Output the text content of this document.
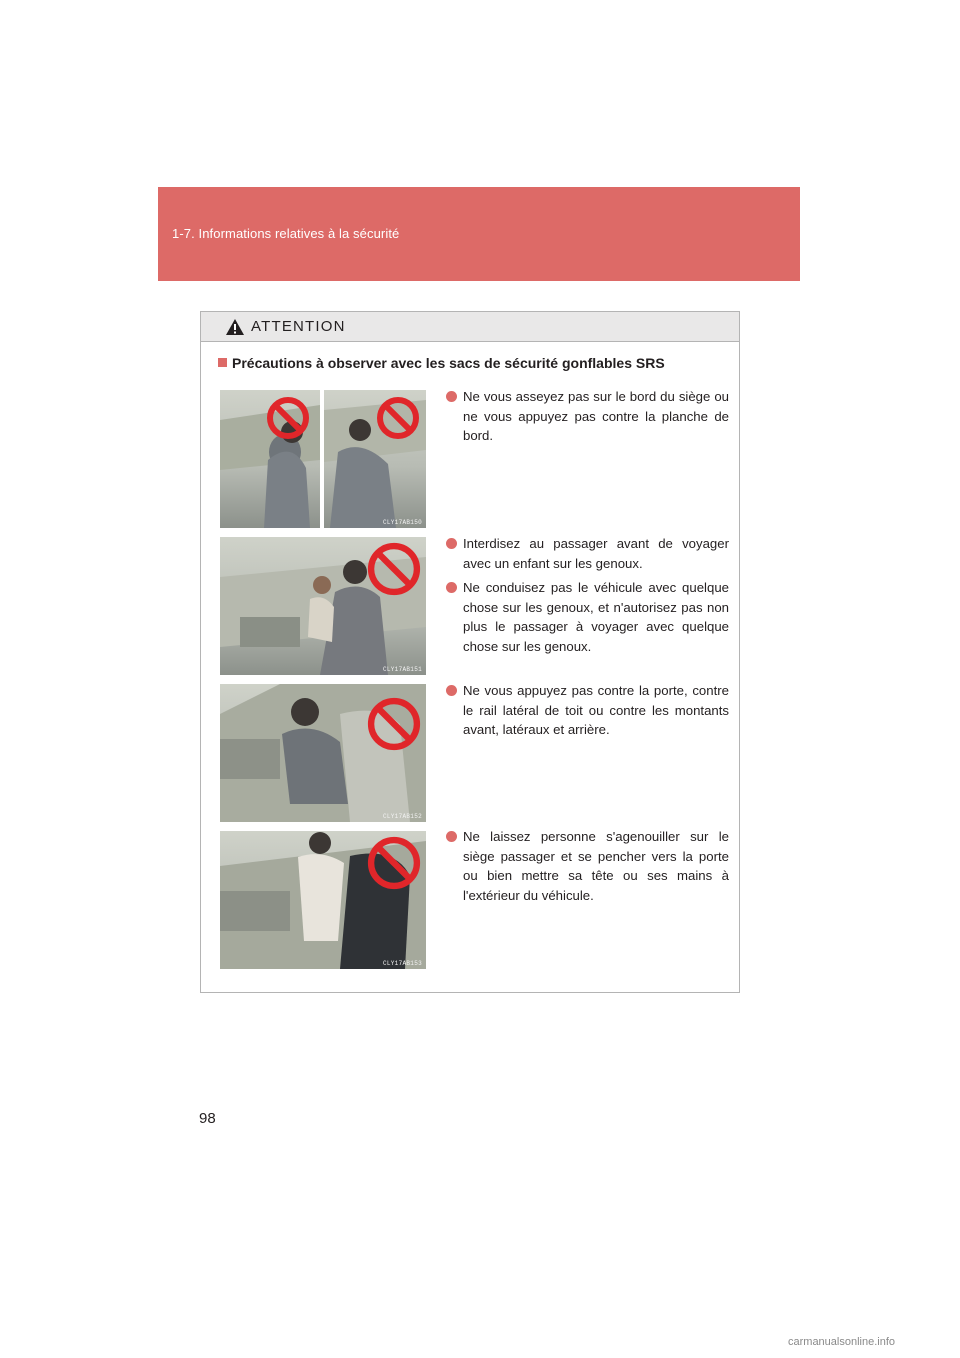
1-7. Informations relatives à la sécurité
ATTENTION
Précautions à observer avec les sacs de sécurité gonflables SRS
CLY17AB150
CLY17AB151
CLY17AB152
CLY17AB153
Ne vous asseyez pas sur le bord du siège ou ne vous appuyez pas contre la planche de bord.
Interdisez au passager avant de voyager avec un enfant sur les genoux.
Ne conduisez pas le véhicule avec quelque chose sur les genoux, et n'autorisez pas non plus le passager à voyager avec quelque chose sur les genoux.
Ne vous appuyez pas contre la porte, contre le rail latéral de toit ou contre les montants avant, latéraux et arrière.
Ne laissez personne s'agenouiller sur le siège passager et se pencher vers la porte ou bien mettre sa tête ou ses mains à l'extérieur du véhicule.
98
carmanualsonline.info
